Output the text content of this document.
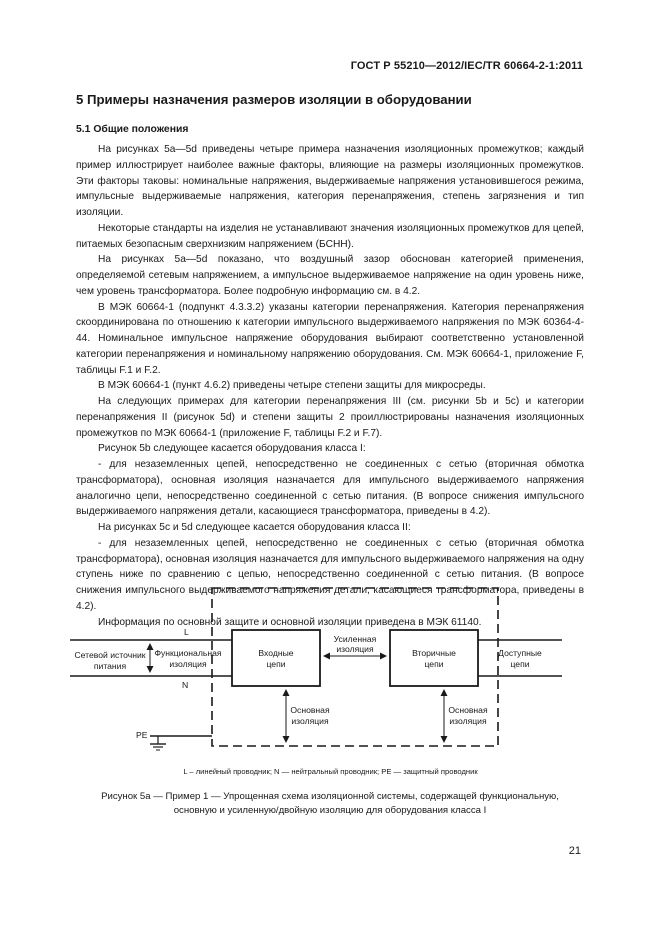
ГОСТ Р 55210—2012/IEC/TR 60664-2-1:2011
5 Примеры назначения размеров изоляции в оборудовании
5.1 Общие положения

На рисунках 5а—5d приведены четыре примера назначения изоляционных промежутков; каждый пример иллюстрирует наиболее важные факторы, влияющие на размеры изоляционных промежутков. Эти факторы таковы: номинальные напряжения, выдерживаемые напряжения установившегося режима, импульсные выдерживаемые напряжения, категория перенапряжения, степень загрязнения и тип изоляции.

Некоторые стандарты на изделия не устанавливают значения изоляционных промежутков для цепей, питаемых безопасным сверхнизким напряжением (БСНН).

На рисунках 5а—5d показано, что воздушный зазор обоснован категорией применения, определяемой сетевым напряжением, а импульсное выдерживаемое напряжение на один уровень ниже, чем уровень трансформатора. Более подробную информацию см. в 4.2.

В МЭК 60664-1 (подпункт 4.3.3.2) указаны категории перенапряжения. Категория перенапряжения скоординирована по отношению к категории импульсного выдерживаемого напряжения по МЭК 60364-4-44. Номинальное импульсное напряжение оборудования выбирают соответственно установленной категории перенапряжения и номинальному напряжению оборудования. См. МЭК 60664-1, приложение F, таблицы F.1 и F.2.

В МЭК 60664-1 (пункт 4.6.2) приведены четыре степени защиты для микросреды.

На следующих примерах для категории перенапряжения III (см. рисунки 5b и 5c) и категории перенапряжения II (рисунок 5d) и степени защиты 2 проиллюстрированы назначения изоляционных промежутков по МЭК 60664-1 (приложение F, таблицы F.2 и F.7).

Рисунок 5b следующее касается оборудования класса I:

- для незаземленных цепей, непосредственно не соединенных с сетью (вторичная обмотка трансформатора), основная изоляция назначается для импульсного выдерживаемого напряжения аналогично цепи, непосредственно соединенной с сетью питания. (В вопросе снижения импульсного выдерживаемого напряжения детали, касающиеся трансформатора, приведены в 4.2).

На рисунках 5c и 5d следующее касается оборудования класса II:

- для незаземленных цепей, непосредственно не соединенных с сетью (вторичная обмотка трансформатора), основная изоляция назначается для импульсного выдерживаемого напряжения на одну ступень ниже по сравнению с цепью, непосредственно соединенной с сетью питания. (В вопросе снижения импульсного выдерживаемого напряжения детали, касающиеся трансформатора, приведены в 4.2).

Информация по основной защите и основной изоляции приведена в МЭК 61140.

Сетевой источник
питания
Функциональная
изоляция
L
N
Входные
цепи
Усиленная
изоляция	Вторичные
цепи
Доступные
цепи
Основная
изоляция
Основная
изоляция
PE
L – линейный проводник; N — нейтральный проводник; PE — защитный проводник
Рисунок 5а — Пример 1 — Упрощенная схема изоляционной системы, содержащей функциональную,
основную и усиленную/двойную изоляцию для оборудования класса I
21
